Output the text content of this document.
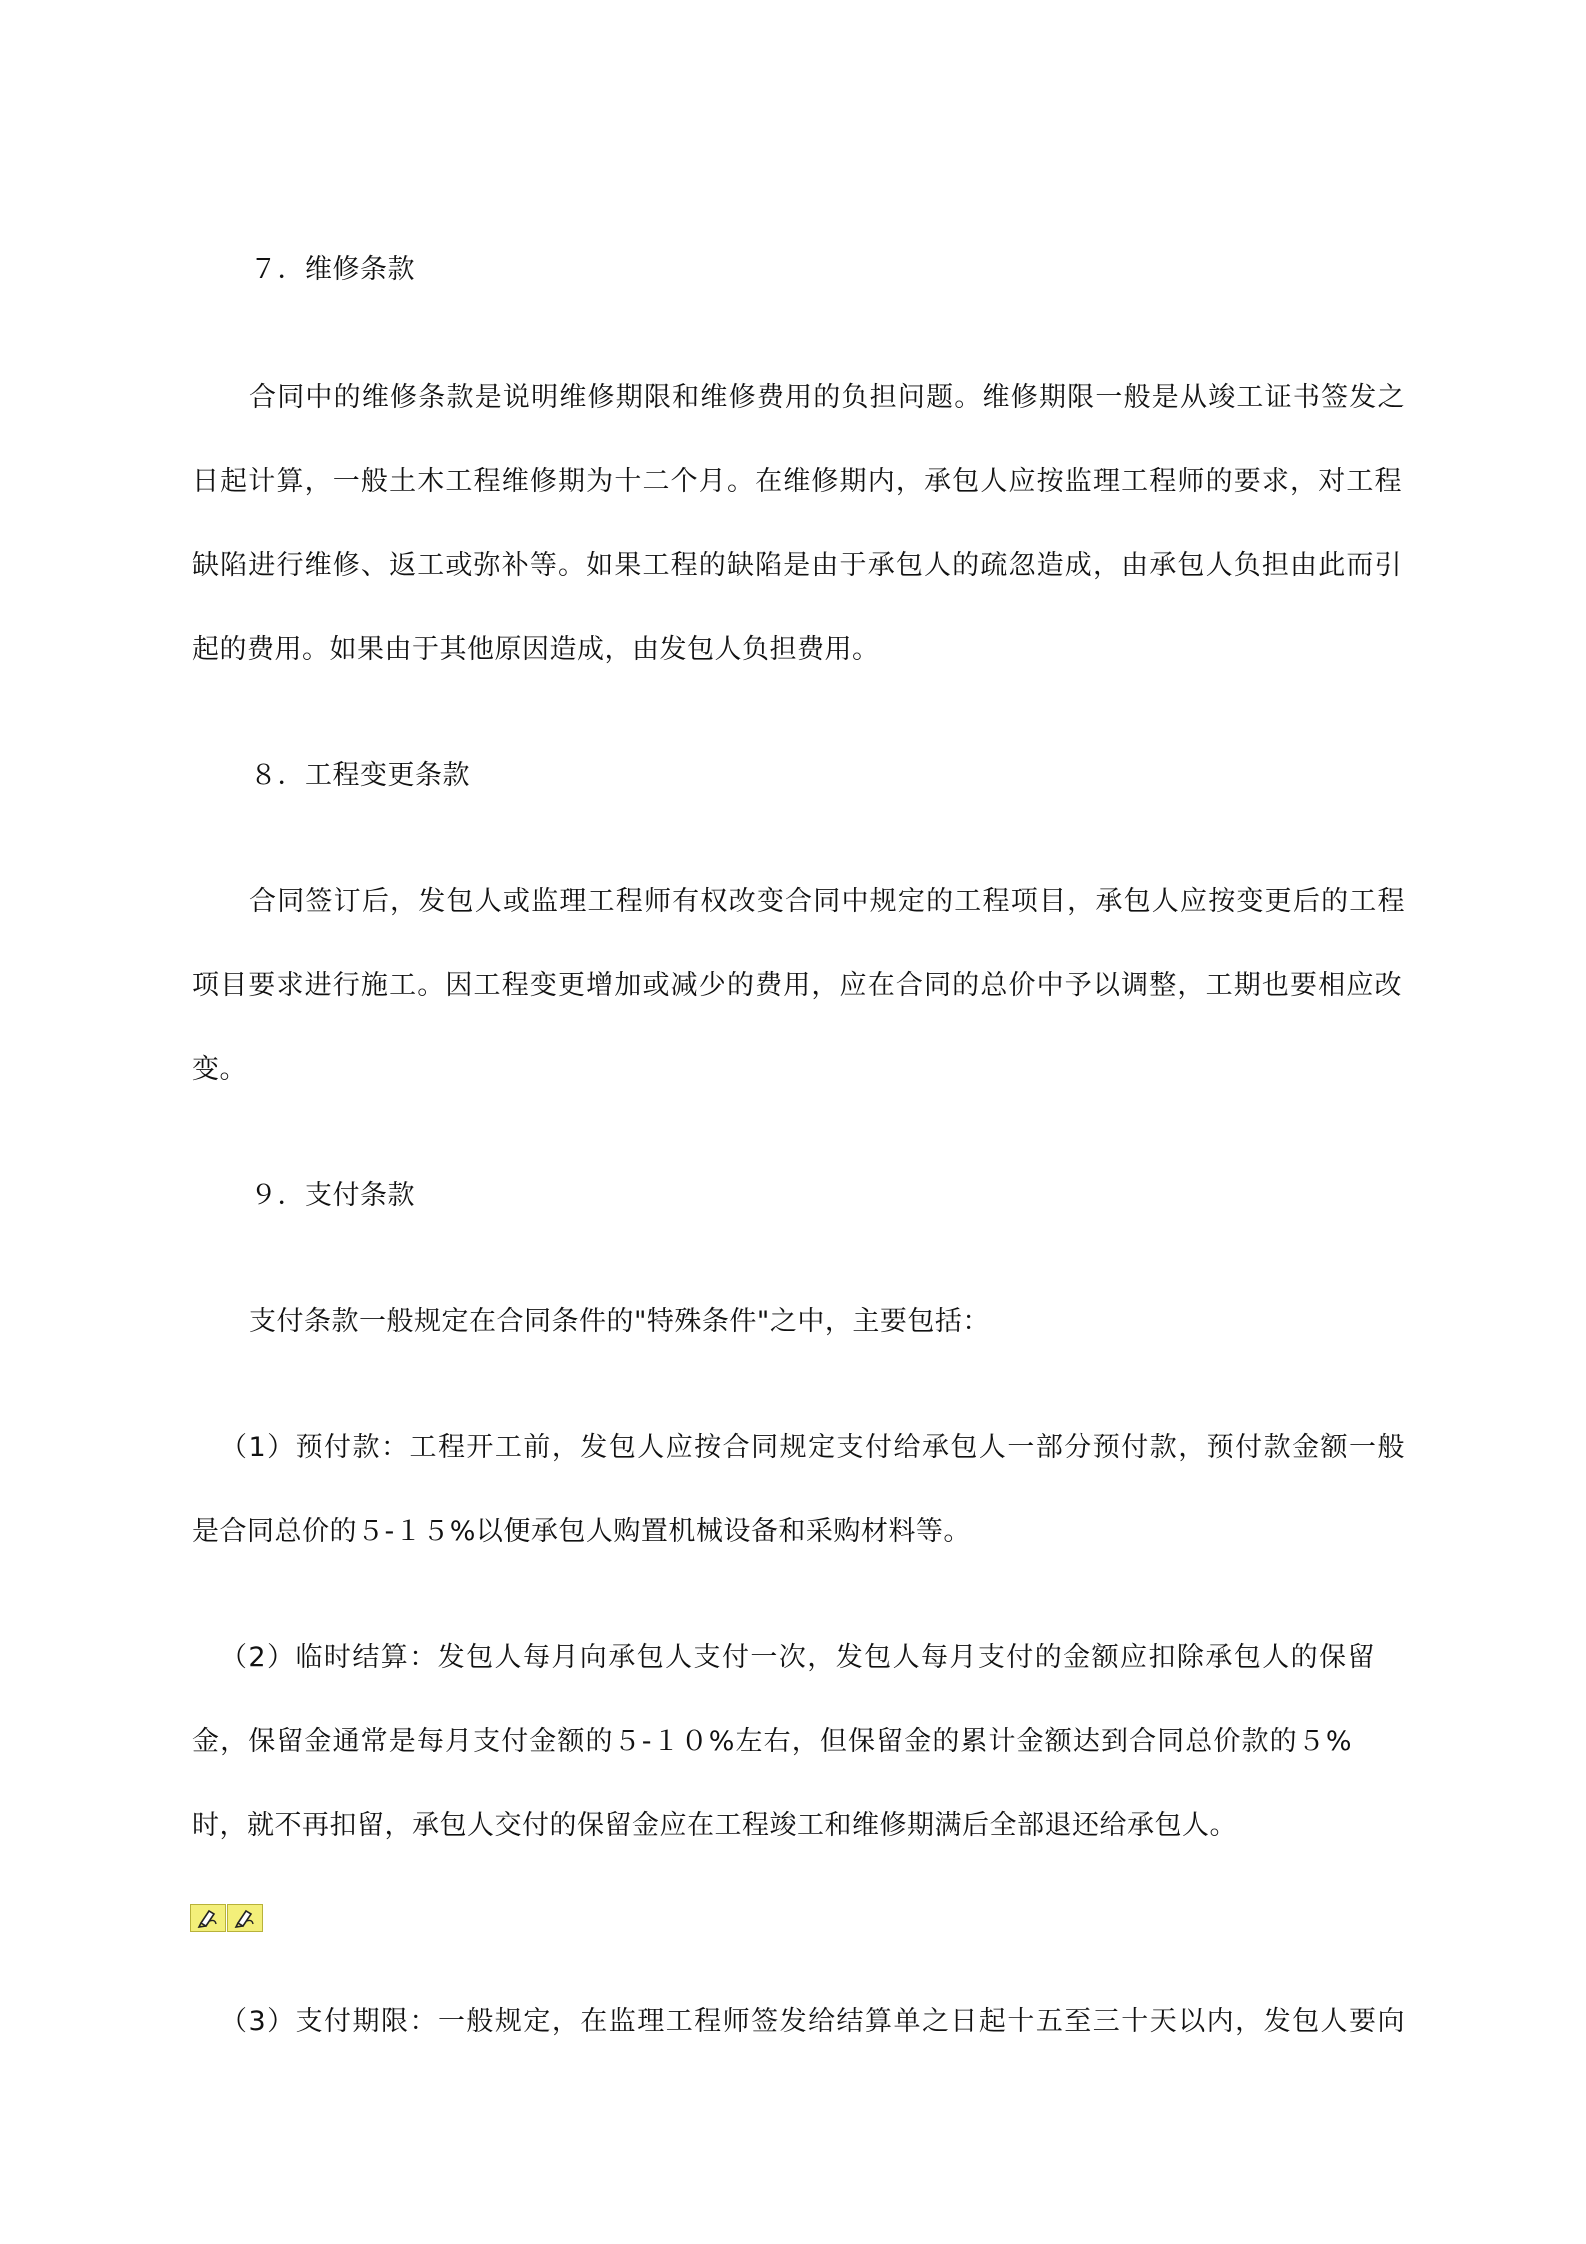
７．维修条款
合同中的维修条款是说明维修期限和维修费用的负担问题。维修期限一般是从竣工证书签发之
日起计算，一般土木工程维修期为十二个月。在维修期内，承包人应按监理工程师的要求，对工程
缺陷进行维修、返工或弥补等。如果工程的缺陷是由于承包人的疏忽造成，由承包人负担由此而引
起的费用。如果由于其他原因造成，由发包人负担费用。
８．工程变更条款
合同签订后，发包人或监理工程师有权改变合同中规定的工程项目，承包人应按变更后的工程
项目要求进行施工。因工程变更增加或减少的费用，应在合同的总价中予以调整，工期也要相应改
变。
９．支付条款
支付条款一般规定在合同条件的"特殊条件"之中，主要包括：
（1）预付款：工程开工前，发包人应按合同规定支付给承包人一部分预付款，预付款金额一般
是合同总价的５-１５%以便承包人购置机械设备和采购材料等。
（2）临时结算：发包人每月向承包人支付一次，发包人每月支付的金额应扣除承包人的保留
金，保留金通常是每月支付金额的５-１０%左右，但保留金的累计金额达到合同总价款的５%
时，就不再扣留，承包人交付的保留金应在工程竣工和维修期满后全部退还给承包人。
（3）支付期限：一般规定，在监理工程师签发给结算单之日起十五至三十天以内，发包人要向
